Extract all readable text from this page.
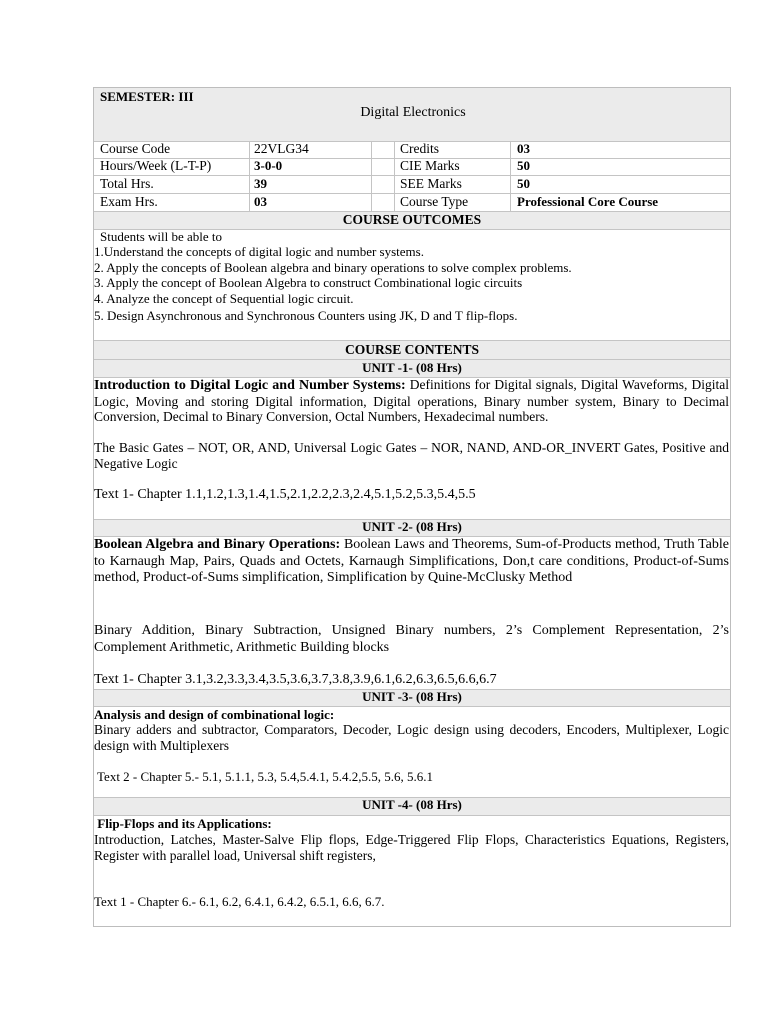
SEMESTER: III
Digital Electronics
Course Code	22VLG34	Credits	03
Hours/Week (L-T-P)	3-0-0	CIE Marks	50
Total Hrs.	39	SEE Marks	50
Exam Hrs.	03	Course Type	Professional Core Course
COURSE OUTCOMES
Students will be able to
1.Understand the concepts of digital logic and number systems.
2. Apply the concepts of Boolean algebra and binary operations to solve complex problems.
3. Apply the concept of Boolean Algebra to construct Combinational logic circuits
4. Analyze the concept of Sequential logic circuit.
5. Design Asynchronous and Synchronous Counters using JK, D and T flip-flops.
COURSE CONTENTS
UNIT -1- (08 Hrs)
Introduction to Digital Logic and Number Systems: Definitions for Digital signals, Digital Waveforms, Digital Logic, Moving and storing Digital information, Digital operations, Binary number system, Binary to Decimal Conversion, Decimal to Binary Conversion, Octal Numbers, Hexadecimal numbers.
The Basic Gates – NOT, OR, AND, Universal Logic Gates – NOR, NAND, AND-OR_INVERT Gates, Positive and Negative Logic
Text 1- Chapter 1.1,1.2,1.3,1.4,1.5,2.1,2.2,2.3,2.4,5.1,5.2,5.3,5.4,5.5
UNIT -2- (08 Hrs)
Boolean Algebra and Binary Operations: Boolean Laws and Theorems, Sum-of-Products method, Truth Table to Karnaugh Map, Pairs, Quads and Octets, Karnaugh Simplifications, Don,t care conditions, Product-of-Sums method, Product-of-Sums simplification, Simplification by Quine-McClusky Method
Binary Addition, Binary Subtraction, Unsigned Binary numbers, 2’s Complement Representation, 2’s Complement Arithmetic, Arithmetic Building blocks
Text 1- Chapter 3.1,3.2,3.3,3.4,3.5,3.6,3.7,3.8,3.9,6.1,6.2,6.3,6.5,6.6,6.7
UNIT -3- (08 Hrs)
Analysis and design of combinational logic:
Binary adders and subtractor, Comparators, Decoder, Logic design using decoders, Encoders, Multiplexer, Logic design with Multiplexers
Text 2 - Chapter 5.- 5.1, 5.1.1, 5.3, 5.4,5.4.1, 5.4.2,5.5, 5.6, 5.6.1
UNIT -4- (08 Hrs)
Flip-Flops and its Applications:
Introduction, Latches, Master-Salve Flip flops, Edge-Triggered Flip Flops, Characteristics Equations, Registers, Register with parallel load, Universal shift registers,
Text 1 - Chapter 6.- 6.1, 6.2, 6.4.1, 6.4.2, 6.5.1, 6.6, 6.7.
